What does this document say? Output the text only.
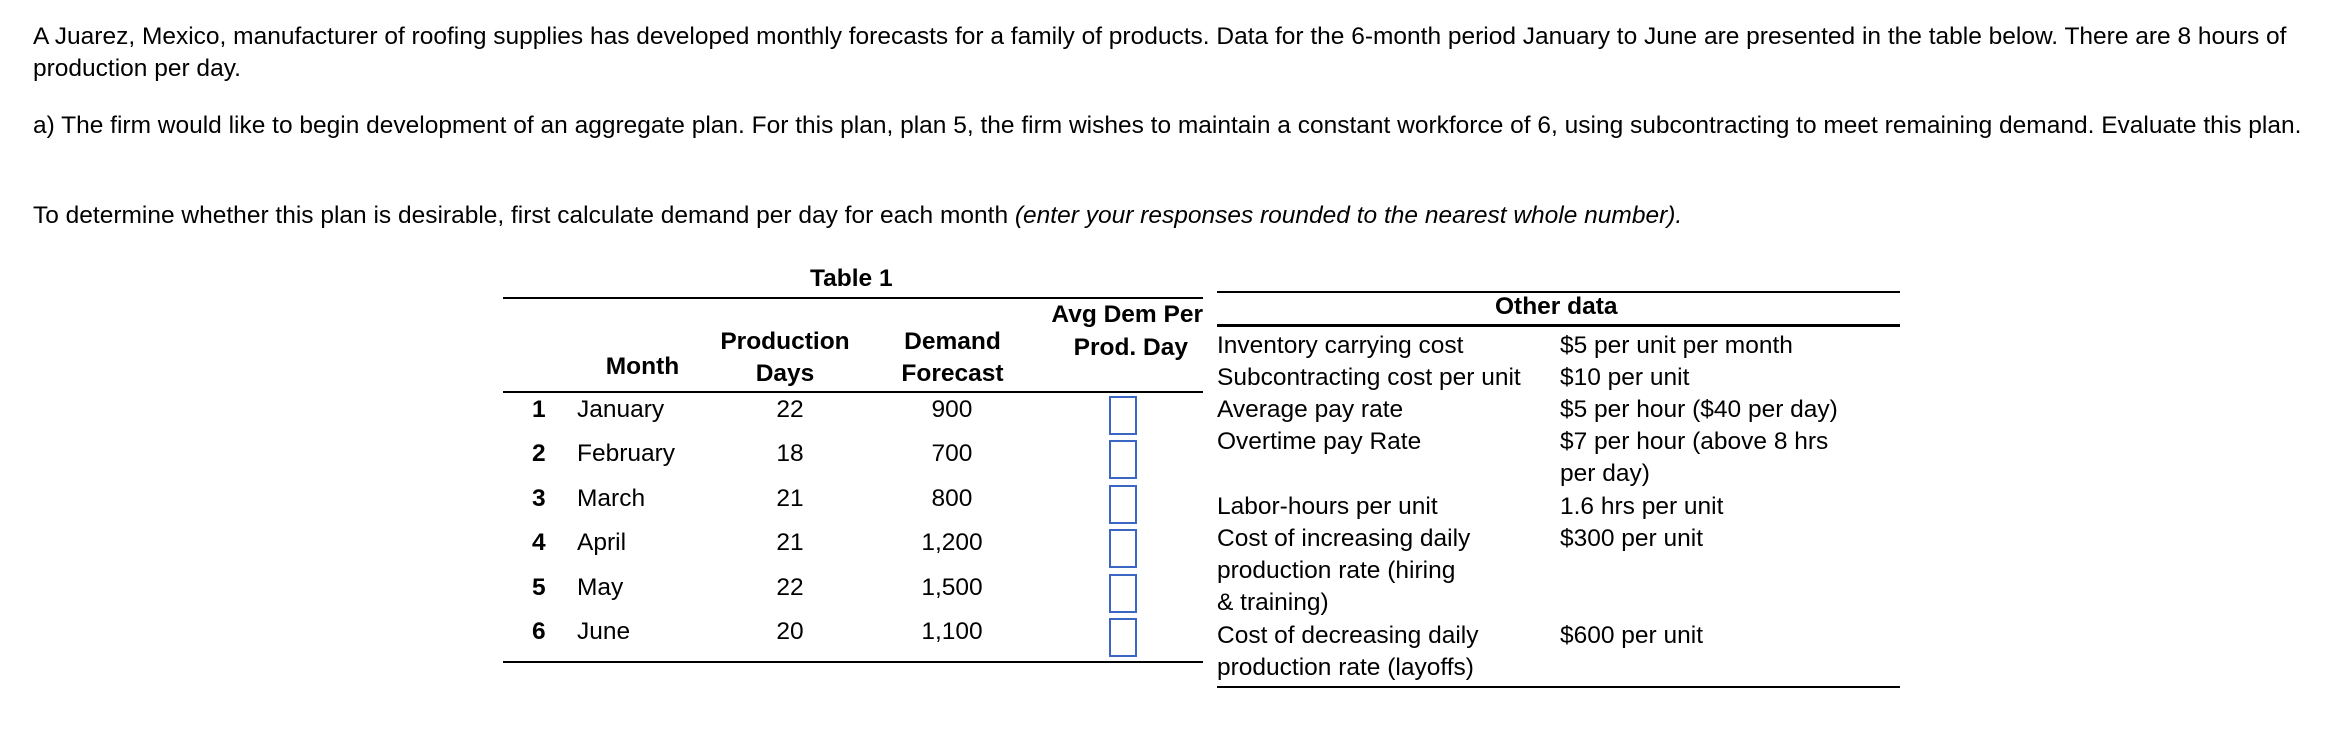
A Juarez, Mexico, manufacturer of roofing supplies has developed monthly forecasts for a family of products. Data for the 6-month period January to June are presented in the table below. There are 8 hours of production per day.

a) The firm would like to begin development of an aggregate plan. For this plan, plan 5, the firm wishes to maintain a constant workforce of 6, using subcontracting to meet remaining demand. Evaluate this plan.

To determine whether this plan is desirable, first calculate demand per day for each month (enter your responses rounded to the nearest whole number).

Table 1
Month
Production
Days
Demand
Forecast
Avg Dem Per
Prod. Day
1 January	22	900
2 February	18	700
3 March	21	800
4 April	21	1,200
5 May	22	1,500
6 June	20	1,100
Other data
Inventory carrying cost	$5 per unit per month
Subcontracting cost per unit $10 per unit
Average pay rate	$5 per hour ($40 per day)
Overtime pay Rate	$7 per hour (above 8 hrs
per day)
Labor-hours per unit	1.6 hrs per unit
Cost of increasing daily
production rate (hiring
& training)
$300 per unit
Cost of decreasing daily
production rate (layoffs)
$600 per unit
